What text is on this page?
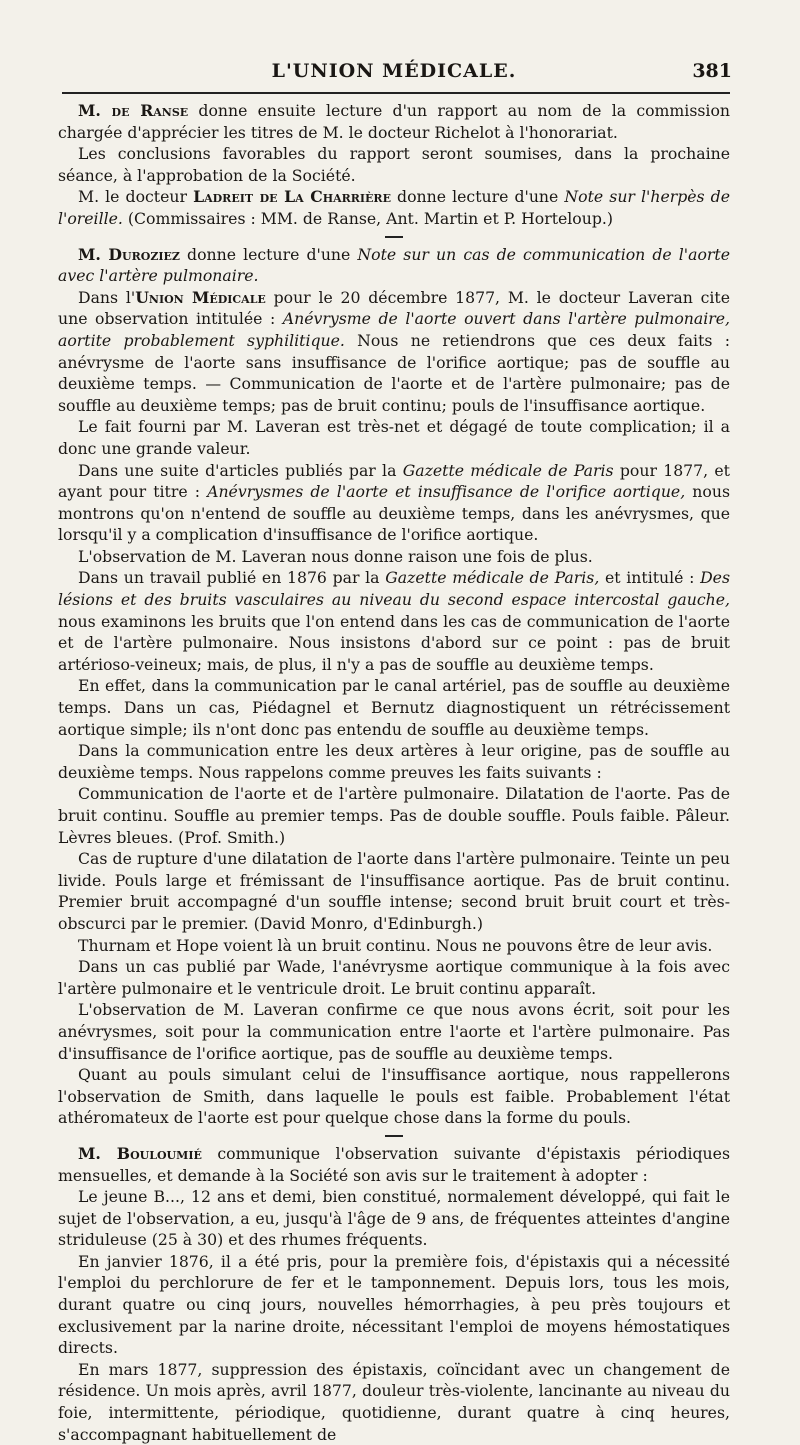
L'UNION MÉDICALE.	381

M. de Ranse donne ensuite lecture d'un rapport au nom de la commission chargée d'apprécier les titres de M. le docteur Richelot à l'honorariat.

Les conclusions favorables du rapport seront soumises, dans la prochaine séance, à l'approbation de la Société.

M. le docteur Ladreit de La Charrière donne lecture d'une Note sur l'herpès de l'oreille. (Commissaires : MM. de Ranse, Ant. Martin et P. Horteloup.)

M. Duroziez donne lecture d'une Note sur un cas de communication de l'aorte avec l'artère pulmonaire.

Dans l'Union Médicale pour le 20 décembre 1877, M. le docteur Laveran cite une observation intitulée : Anévrysme de l'aorte ouvert dans l'artère pulmonaire, aortite probablement syphilitique. Nous ne retiendrons que ces deux faits : anévrysme de l'aorte sans insuffisance de l'orifice aortique; pas de souffle au deuxième temps. — Communication de l'aorte et de l'artère pulmonaire; pas de souffle au deuxième temps; pas de bruit continu; pouls de l'insuffisance aortique.

Le fait fourni par M. Laveran est très-net et dégagé de toute complication; il a donc une grande valeur.

Dans une suite d'articles publiés par la Gazette médicale de Paris pour 1877, et ayant pour titre : Anévrysmes de l'aorte et insuffisance de l'orifice aortique, nous montrons qu'on n'entend de souffle au deuxième temps, dans les anévrysmes, que lorsqu'il y a complication d'insuffisance de l'orifice aortique.

L'observation de M. Laveran nous donne raison une fois de plus.

Dans un travail publié en 1876 par la Gazette médicale de Paris, et intitulé : Des lésions et des bruits vasculaires au niveau du second espace intercostal gauche, nous examinons les bruits que l'on entend dans les cas de communication de l'aorte et de l'artère pulmonaire. Nous insistons d'abord sur ce point : pas de bruit artérioso-veineux; mais, de plus, il n'y a pas de souffle au deuxième temps.

En effet, dans la communication par le canal artériel, pas de souffle au deuxième temps. Dans un cas, Piédagnel et Bernutz diagnostiquent un rétrécissement aortique simple; ils n'ont donc pas entendu de souffle au deuxième temps.

Dans la communication entre les deux artères à leur origine, pas de souffle au deuxième temps. Nous rappelons comme preuves les faits suivants :

Communication de l'aorte et de l'artère pulmonaire. Dilatation de l'aorte. Pas de bruit continu. Souffle au premier temps. Pas de double souffle. Pouls faible. Pâleur. Lèvres bleues. (Prof. Smith.)

Cas de rupture d'une dilatation de l'aorte dans l'artère pulmonaire. Teinte un peu livide. Pouls large et frémissant de l'insuffisance aortique. Pas de bruit continu. Premier bruit accompagné d'un souffle intense; second bruit bruit court et très-obscurci par le premier. (David Monro, d'Edinburgh.)

Thurnam et Hope voient là un bruit continu. Nous ne pouvons être de leur avis.

Dans un cas publié par Wade, l'anévrysme aortique communique à la fois avec l'artère pulmonaire et le ventricule droit. Le bruit continu apparaît.

L'observation de M. Laveran confirme ce que nous avons écrit, soit pour les anévrysmes, soit pour la communication entre l'aorte et l'artère pulmonaire. Pas d'insuffisance de l'orifice aortique, pas de souffle au deuxième temps.

Quant au pouls simulant celui de l'insuffisance aortique, nous rappellerons l'observation de Smith, dans laquelle le pouls est faible. Probablement l'état athéromateux de l'aorte est pour quelque chose dans la forme du pouls.

M. Bouloumié communique l'observation suivante d'épistaxis périodiques mensuelles, et demande à la Société son avis sur le traitement à adopter :

Le jeune B..., 12 ans et demi, bien constitué, normalement développé, qui fait le sujet de l'observation, a eu, jusqu'à l'âge de 9 ans, de fréquentes atteintes d'angine striduleuse (25 à 30) et des rhumes fréquents.

En janvier 1876, il a été pris, pour la première fois, d'épistaxis qui a nécessité l'emploi du perchlorure de fer et le tamponnement. Depuis lors, tous les mois, durant quatre ou cinq jours, nouvelles hémorrhagies, à peu près toujours et exclusivement par la narine droite, nécessitant l'emploi de moyens hémostatiques directs.

En mars 1877, suppression des épistaxis, coïncidant avec un changement de résidence. Un mois après, avril 1877, douleur très-violente, lancinante au niveau du foie, intermittente, périodique, quotidienne, durant quatre à cinq heures, s'accompagnant habituellement de
